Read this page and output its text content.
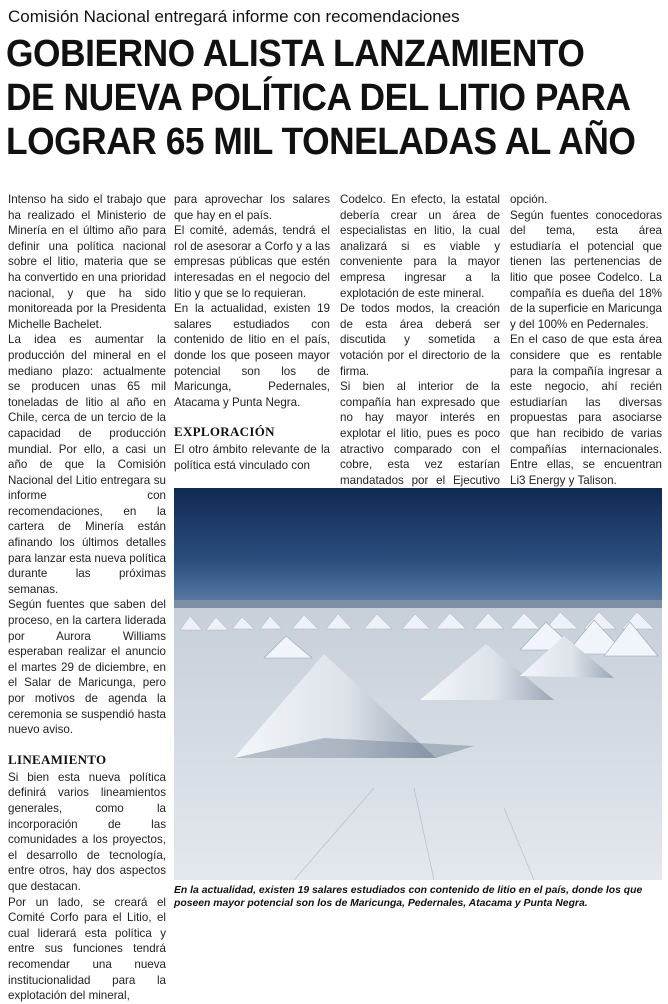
Comisión Nacional entregará informe con recomendaciones
GOBIERNO ALISTA LANZAMIENTO
DE NUEVA POLÍTICA DEL LITIO PARA
LOGRAR 65 MIL TONELADAS AL AÑO

Intenso ha sido el trabajo que ha realizado el Ministerio de Minería en el último año para definir una política nacional sobre el litio, materia que se ha convertido en una prioridad nacional, y que ha sido monitoreada por la Presidenta Michelle Bachelet.

La idea es aumentar la producción del mineral en el mediano plazo: actualmente se producen unas 65 mil toneladas de litio al año en Chile, cerca de un tercio de la capacidad de producción mundial. Por ello, a casi un año de que la Comisión Nacional del Litio entregara su informe con recomendaciones, en la cartera de Minería están afinando los últimos detalles para lanzar esta nueva política durante las próximas semanas.

Según fuentes que saben del proceso, en la cartera liderada por Aurora Williams esperaban realizar el anuncio el martes 29 de diciembre, en el Salar de Maricunga, pero por motivos de agenda la ceremonia se suspendió hasta nuevo aviso.

LINEAMIENTO

Si bien esta nueva política definirá varios lineamientos generales, como la incorporación de las comunidades a los proyectos, el desarrollo de tecnología, entre otros, hay dos aspectos que destacan.

Por un lado, se creará el Comité Corfo para el Litio, el cual liderará esta política y entre sus funciones tendrá recomendar una nueva institucionalidad para la explotación del mineral,

para aprovechar los salares que hay en el país.

El comité, además, tendrá el rol de asesorar a Corfo y a las empresas públicas que estén interesadas en el negocio del litio y que se lo requieran.

En la actualidad, existen 19 salares estudiados con contenido de litio en el país, donde los que poseen mayor potencial son los de Maricunga, Pedernales, Atacama y Punta Negra.

EXPLORACIÓN

El otro ámbito relevante de la política está vinculado con

Codelco. En efecto, la estatal debería crear un área de especialistas en litio, la cual analizará si es viable y conveniente para la mayor empresa ingresar a la explotación de este mineral.

De todos modos, la creación de esta área deberá ser discutida y sometida a votación por el directorio de la firma.

Si bien al interior de la compañía han expresado que no hay mayor interés en explotar el litio, pues es poco atractivo comparado con el cobre, esta vez estarían mandatados por el Ejecutivo

opción.

Según fuentes conocedoras del tema, esta área estudiaría el potencial que tienen las pertenencias de litio que posee Codelco. La compañía es dueña del 18% de la superficie en Maricunga y del 100% en Pedernales.

En el caso de que esta área considere que es rentable para la compañía ingresar a este negocio, ahí recién estudiarían las diversas propuestas para asociarse que han recibido de varias compañías internacionales. Entre ellas, se encuentran Li3 Energy y Talison.

En la actualidad, existen 19 salares estudiados con contenido de litio en el país, donde los que poseen mayor potencial son los de Maricunga, Pedernales, Atacama y Punta Negra.
